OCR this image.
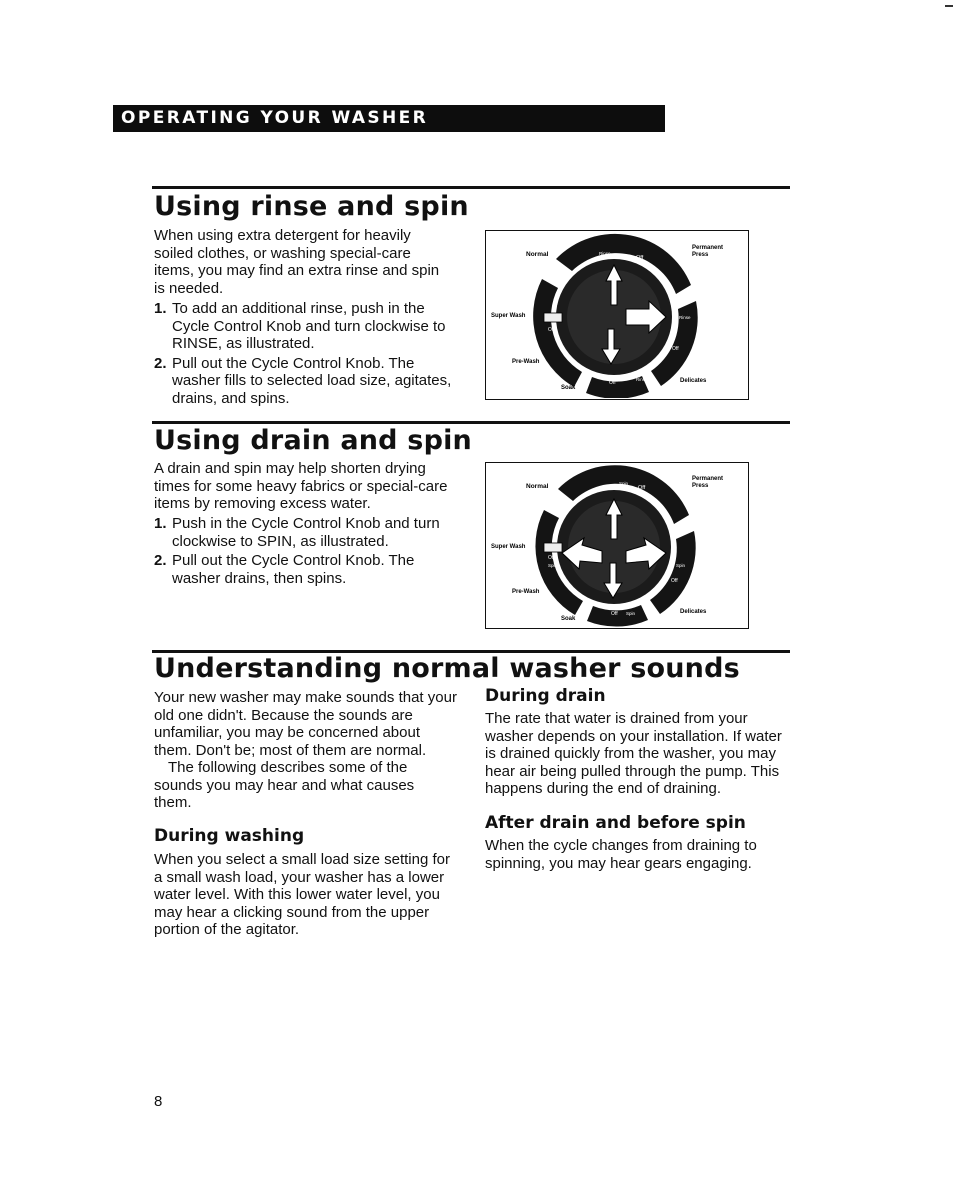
OPERATING YOUR WASHER
Using rinse and spin

When using extra detergent for heavily soiled clothes, or washing special-care items, you may find an extra rinse and spin is needed.

1. To add an additional rinse, push in the Cycle Control Knob and turn clockwise to RINSE, as illustrated.
2. Pull out the Cycle Control Knob. The washer fills to selected load size, agitates, drains, and spins.
Normal
Permanent
Press
Super Wash
Pre-Wash
Soak
Delicates
Rinse
Off
Rinse
Off
Off
Rinse
Off
Using drain and spin

A drain and spin may help shorten drying times for some heavy fabrics or special-care items by removing excess water.

1. Push in the Cycle Control Knob and turn clockwise to SPIN, as illustrated.
2. Pull out the Cycle Control Knob. The washer drains, then spins.
Normal
Permanent
Press
Super Wash
Pre-Wash
Soak
Delicates
Spin
Off
Spin
Off
Off Spin
Off
Spin
Understanding normal washer sounds

Your new washer may make sounds that your old one didn't. Because the sounds are unfamiliar, you may be concerned about them. Don't be; most of them are normal.

The following describes some of the sounds you may hear and what causes them.

During washing

When you select a small load size setting for a small wash load, your washer has a lower water level. With this lower water level, you may hear a clicking sound from the upper portion of the agitator.

During drain

The rate that water is drained from your washer depends on your installation. If water is drained quickly from the washer, you may hear air being pulled through the pump. This happens during the end of draining.

After drain and before spin

When the cycle changes from draining to spinning, you may hear gears engaging.

8
